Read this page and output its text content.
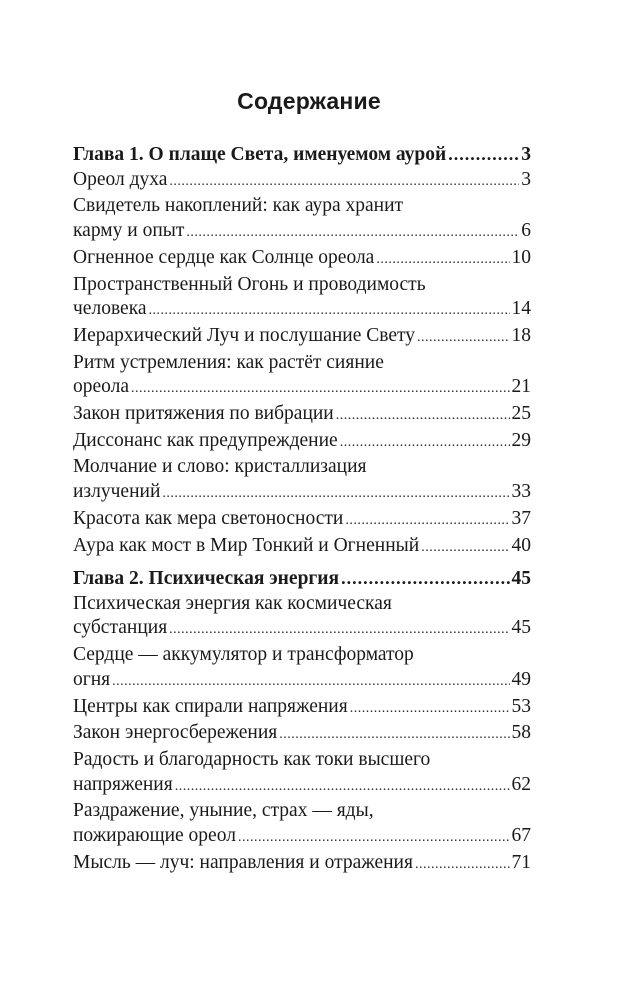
Содержание
Глава 1. О плаще Света, именуемом аурой .....	3
Ореол духа .....	3
Свидетель накоплений: как аура хранит
карму и опыт .....	6
Огненное сердце как Солнце ореола .....	10
Пространственный Огонь и проводимость
человека .....	14
Иерархический Луч и послушание Свету .....	18
Ритм устремления: как растёт сияние
ореола .....	21
Закон притяжения по вибрации .....	25
Диссонанс как предупреждение .....	29
Молчание и слово: кристаллизация
излучений .....	33
Красота как мера светоносности .....	37
Аура как мост в Мир Тонкий и Огненный .....	40
Глава 2. Психическая энергия .....	45
Психическая энергия как космическая
субстанция .....	45
Сердце — аккумулятор и трансформатор
огня .....	49
Центры как спирали напряжения .....	53
Закон энергосбережения .....	58
Радость и благодарность как токи высшего
напряжения .....	62
Раздражение, уныние, страх — яды,
пожирающие ореол .....	67
Мысль — луч: направления и отражения .....	71
